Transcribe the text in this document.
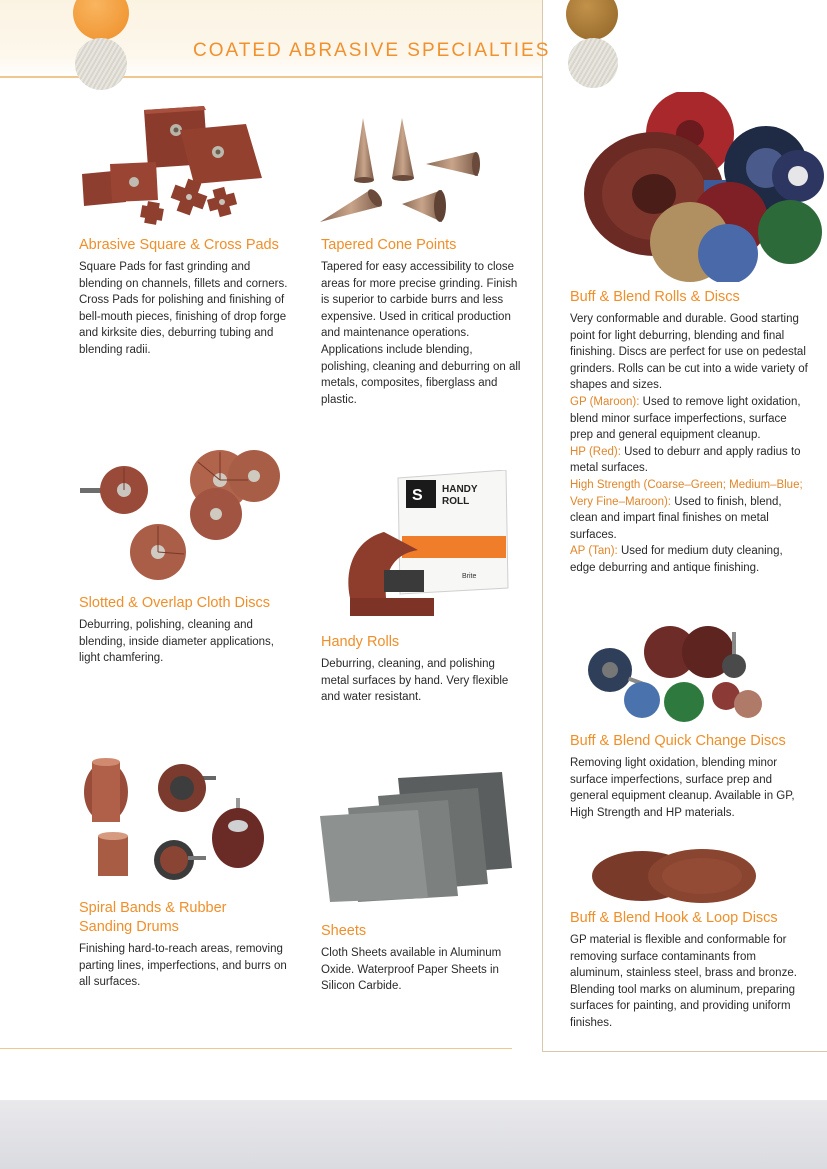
COATED ABRASIVE SPECIALTIES
S HANDY
ROLL
Brite
Abrasive Square & Cross Pads

Square Pads for fast grinding and blending on channels, fillets and corners. Cross Pads for polishing and finishing of bell-mouth pieces, finishing of drop forge and kirksite dies, deburring tubing and blending radii.

Tapered Cone Points

Tapered for easy accessibility to close areas for more precise grinding. Finish is superior to carbide burrs and less expensive. Used in critical production and maintenance operations. Applications include blending, polishing, cleaning and deburring on all metals, composites, fiberglass and plastic.

Buff & Blend Rolls & Discs

Very conformable and durable. Good starting point for light deburring, blending and final finishing. Discs are perfect for use on pedestal grinders. Rolls can be cut into a wide variety of shapes and sizes.
GP (Maroon): Used to remove light oxidation, blend minor surface imperfections, surface prep and general equipment cleanup.
HP (Red): Used to deburr and apply radius to metal surfaces.
High Strength (Coarse–Green; Medium–Blue; Very Fine–Maroon): Used to finish, blend, clean and impart final finishes on metal surfaces.
AP (Tan): Used for medium duty cleaning, edge deburring and antique finishing.

Slotted & Overlap Cloth Discs

Deburring, polishing, cleaning and blending, inside diameter applications, light chamfering.

Handy Rolls

Deburring, cleaning, and polishing metal surfaces by hand. Very flexible and water resistant.

Buff & Blend Quick Change Discs

Removing light oxidation, blending minor surface imperfections, surface prep and general equipment cleanup. Available in GP, High Strength and HP materials.

Spiral Bands & Rubber
Sanding Drums

Finishing hard-to-reach areas, removing parting lines, imperfections, and burrs on all surfaces.

Sheets

Cloth Sheets available in Aluminum Oxide. Waterproof Paper Sheets in Silicon Carbide.

Buff & Blend Hook & Loop Discs

GP material is flexible and conformable for removing surface contaminants from aluminum, stainless steel, brass and bronze. Blending tool marks on aluminum, preparing surfaces for painting, and providing uniform finishes.
